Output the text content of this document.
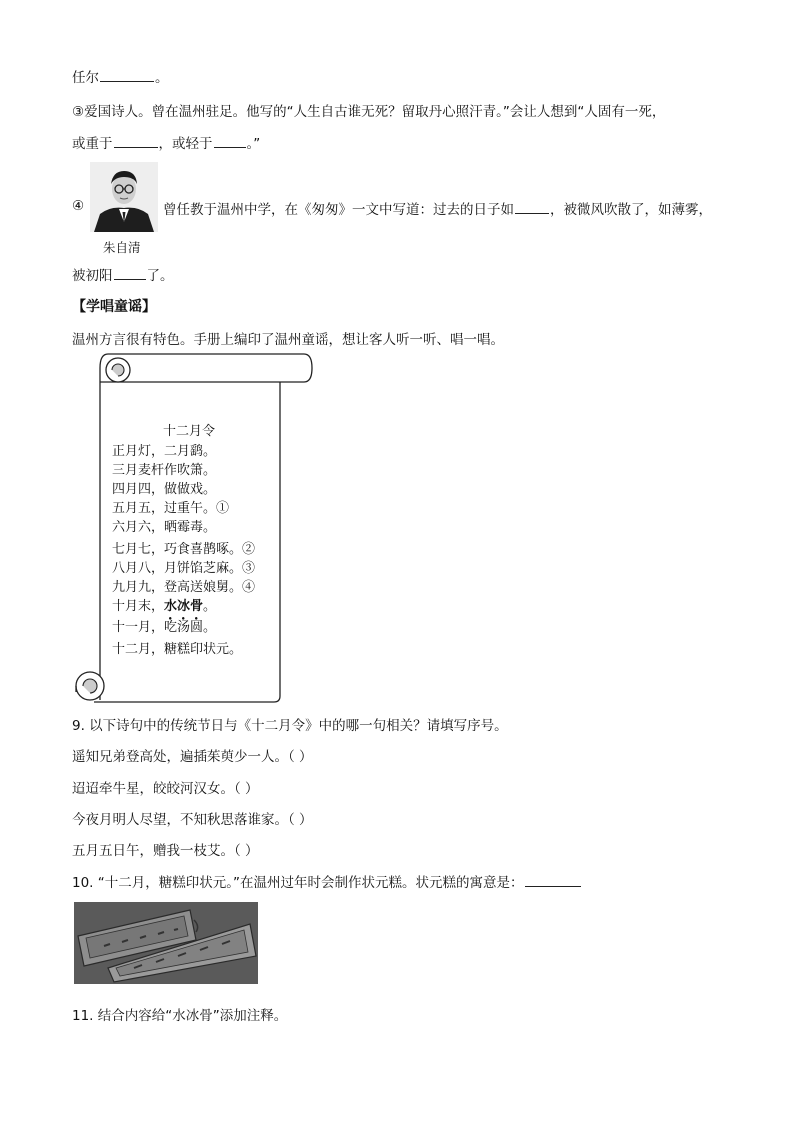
任尔	。
③爱国诗人。曾在温州驻足。他写的“人生自古谁无死？留取丹心照汗青。”会让人想到“人固有一死，
或重于	，或轻于	。”
④
朱自清
曾任教于温州中学，在《匆匆》一文中写道：过去的日子如	，被微风吹散了，如薄雾，
被初阳	了。
【学唱童谣】
温州方言很有特色。手册上编印了温州童谣，想让客人听一听、唱一唱。
十二月令
正月灯，二月鹞。
三月麦杆作吹箫。
四月四，做做戏。
五月五，过重午。①
六月六，晒霉毒。
七月七，巧食喜鹊啄。②
八月八，月饼馅芝麻。③
九月九，登高送娘舅。④
十月末，水冰骨。
十一月，吃汤圆。
十二月，糖糕印状元。
9. 以下诗句中的传统节日与《十二月令》中的哪一句相关？请填写序号。
遥知兄弟登高处，遍插茱萸少一人。（ ）
迢迢牵牛星，皎皎河汉女。（ ）
今夜月明人尽望，不知秋思落谁家。（ ）
五月五日午，赠我一枝艾。（ ）
10. “十二月，糖糕印状元。”在温州过年时会制作状元糕。状元糕的寓意是：
11. 结合内容给“水冰骨”添加注释。
